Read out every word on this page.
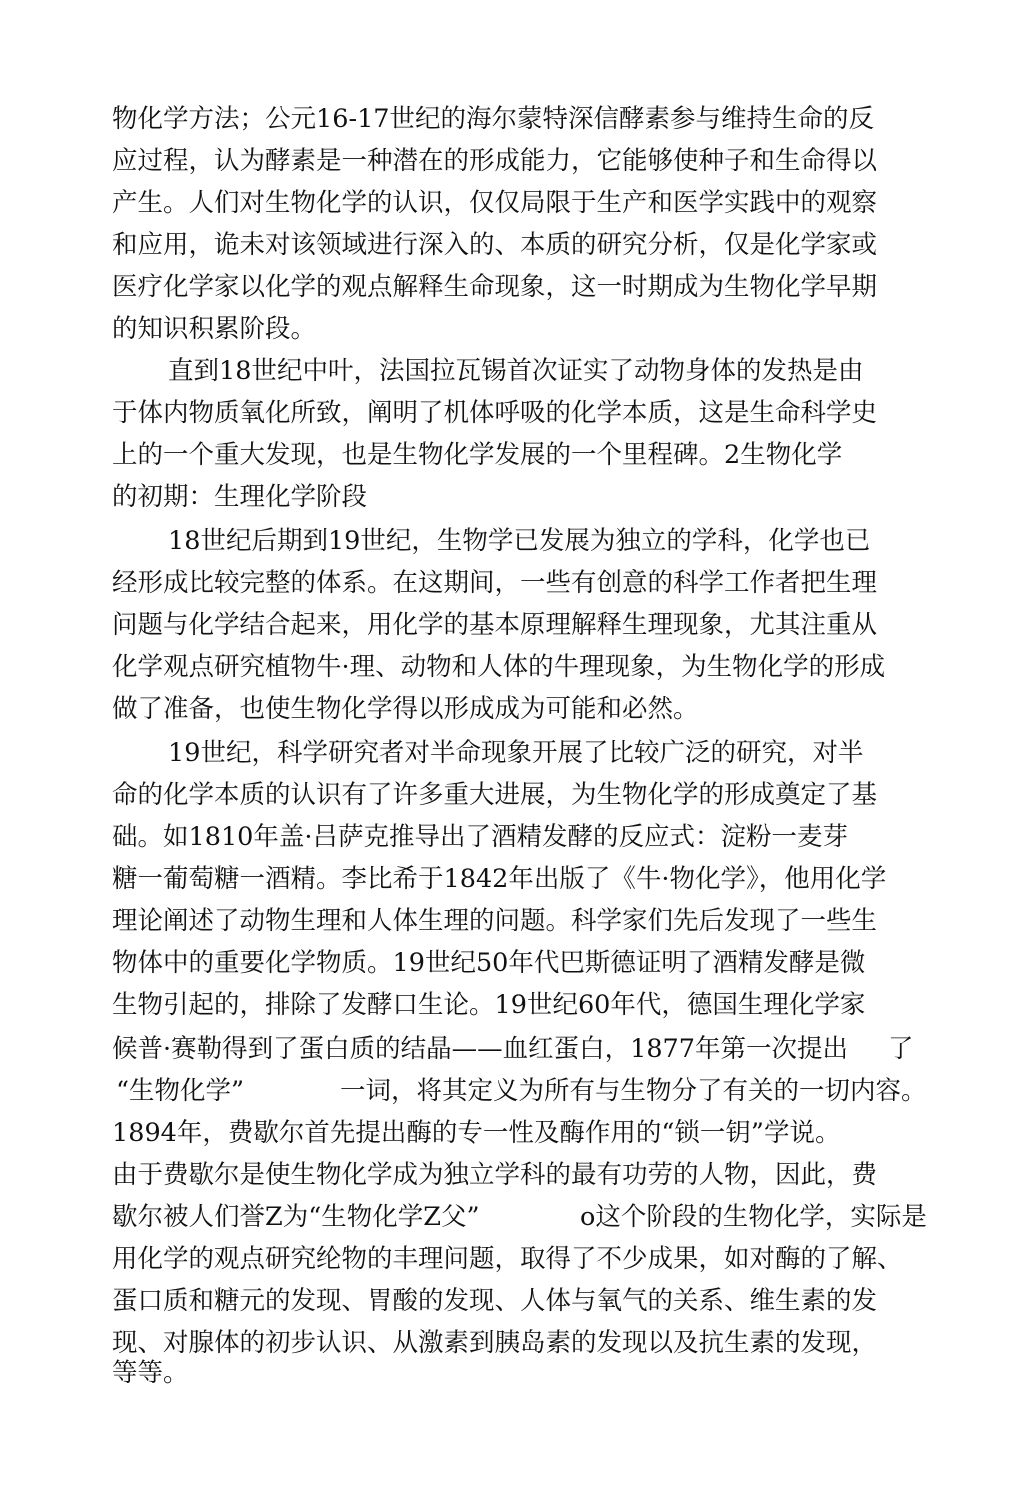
物化学方法；公元16-17世纪的海尔蒙特深信酵素参与维持生命的反
应过程，认为酵素是一种潜在的形成能力，它能够使种子和生命得以
产生。人们对生物化学的认识，仅仅局限于生产和医学实践中的观察
和应用，诡未对该领域进行深入的、本质的研究分析，仅是化学家或
医疗化学家以化学的观点解释生命现象，这一时期成为生物化学早期
的知识积累阶段。
直到18世纪中叶，法国拉瓦锡首次证实了动物身体的发热是由
于体内物质氧化所致，阐明了机体呼吸的化学本质，这是生命科学史
上的一个重大发现，也是生物化学发展的一个里程碑。2生物化学
的初期：生理化学阶段
18世纪后期到19世纪，生物学已发展为独立的学科，化学也已
经形成比较完整的体系。在这期间，一些有创意的科学工作者把生理
问题与化学结合起来，用化学的基本原理解释生理现象，尤其注重从
化学观点研究植物牛·理、动物和人体的牛理现象，为生物化学的形成
做了准备，也使生物化学得以形成成为可能和必然。
19世纪，科学研究者对半命现象开展了比较广泛的研究，对半
命的化学本质的认识有了许多重大进展，为生物化学的形成奠定了基
础。如1810年盖·吕萨克推导出了酒精发酵的反应式：淀粉一麦芽
糖一葡萄糖一酒精。李比希于1842年出版了《牛·物化学》，他用化学
理论阐述了动物生理和人体生理的问题。科学家们先后发现了一些生
物体中的重要化学物质。19世纪50年代巴斯德证明了酒精发酵是微
生物引起的，排除了发酵口生论。19世纪60年代，德国生理化学家
候普·赛勒得到了蛋白质的结晶——血红蛋白，1877年第一次提出 了
“生物化学”	一词，将其定义为所有与生物分了有关的一切内容。
1894年，费歇尔首先提出酶的专一性及酶作用的“锁一钥”学说。
由于费歇尔是使生物化学成为独立学科的最有功劳的人物，因此，费
歇尔被人们誉Z为“生物化学Z父”	o这个阶段的生物化学，实际是
用化学的观点研究纶物的丰理问题，取得了不少成果，如对酶的了解、
蛋口质和糖元的发现、胃酸的发现、人体与氧气的关系、维生素的发
现、对腺体的初步认识、从激素到胰岛素的发现以及抗生素的发现，
等等。
